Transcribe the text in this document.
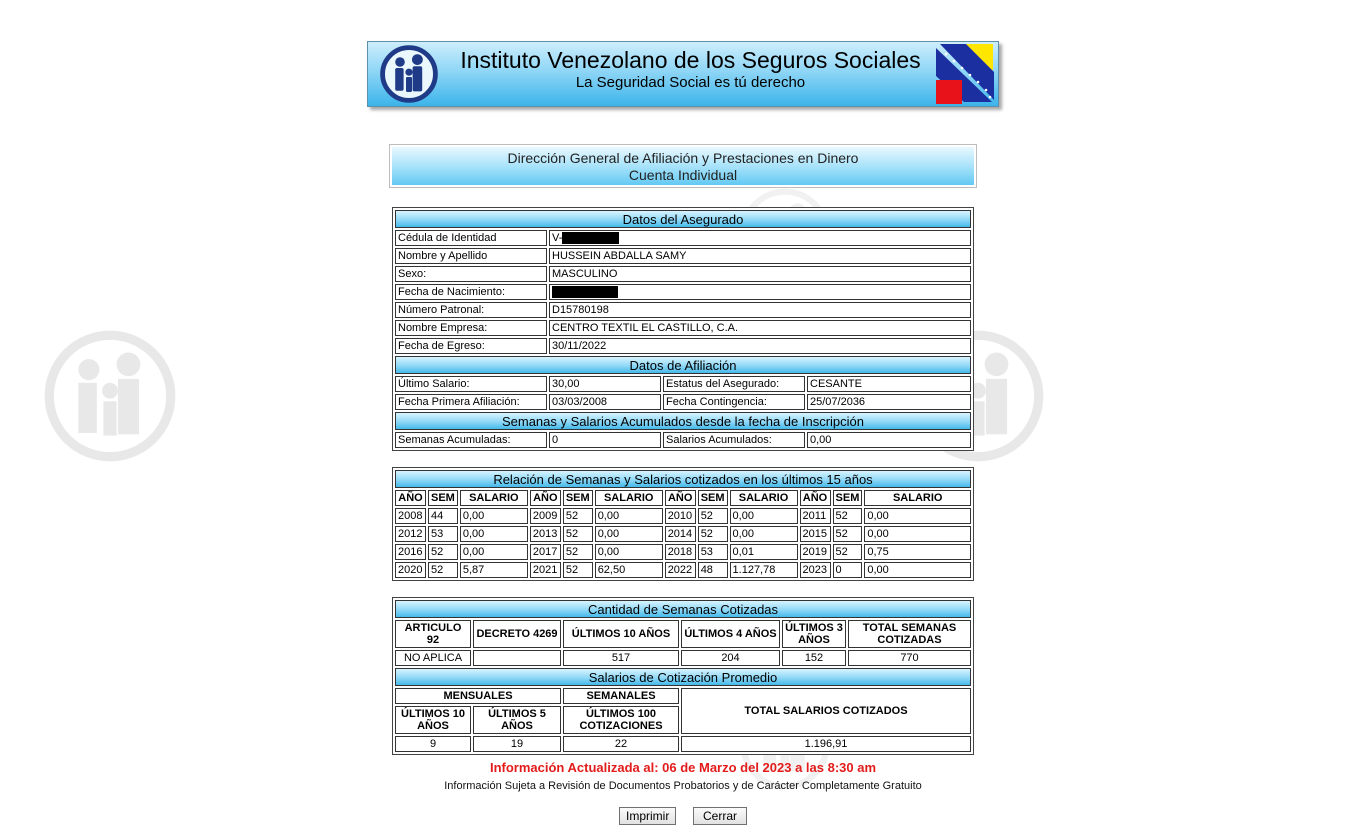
Instituto Venezolano de los Seguros Sociales
La Seguridad Social es tú derecho
Dirección General de Afiliación y Prestaciones en Dinero
Cuenta Individual
Datos del Asegurado			
Cédula de Identidad	V-		
Nombre y Apellido	HUSSEIN ABDALLA SAMY		
Sexo:	MASCULINO		
Fecha de Nacimiento:			
Número Patronal:	D15780198		
Nombre Empresa:	CENTRO TEXTIL EL CASTILLO, C.A.		
Fecha de Egreso:	30/11/2022		
Datos de Afiliación			
Último Salario:	30,00	Estatus del Asegurado:	CESANTE
Fecha Primera Afiliación:	03/03/2008	Fecha Contingencia:	25/07/2036
Semanas y Salarios Acumulados desde la fecha de Inscripción			
Semanas Acumuladas:	0	Salarios Acumulados:	0,00
Relación de Semanas y Salarios cotizados en los últimos 15 años											
AÑO	SEM	SALARIO	AÑO	SEM	SALARIO	AÑO	SEM	SALARIO	AÑO	SEM	SALARIO
2008	44	0,00	2009	52	0,00	2010	52	0,00	2011	52	0,00
2012	53	0,00	2013	52	0,00	2014	52	0,00	2015	52	0,00
2016	52	0,00	2017	52	0,00	2018	53	0,01	2019	52	0,75
2020	52	5,87	2021	52	62,50	2022	48	1.127,78	2023	0	0,00
Cantidad de Semanas Cotizadas					
ARTICULO 92	DECRETO 4269	ÚLTIMOS 10 AÑOS	ÚLTIMOS 4 AÑOS	ÚLTIMOS 3 AÑOS	TOTAL SEMANAS COTIZADAS
NO APLICA		517	204	152	770
Salarios de Cotización Promedio					
MENSUALES		SEMANALES	TOTAL SALARIOS COTIZADOS		
ÚLTIMOS 10 AÑOS	ÚLTIMOS 5 AÑOS	ÚLTIMOS 100 COTIZACIONES			
9	19	22	1.196,91		
Información Actualizada al: 06 de Marzo del 2023 a las 8:30 am
Información Sujeta a Revisión de Documentos Probatorios y de Carácter Completamente Gratuito
Imprimir	Cerrar
